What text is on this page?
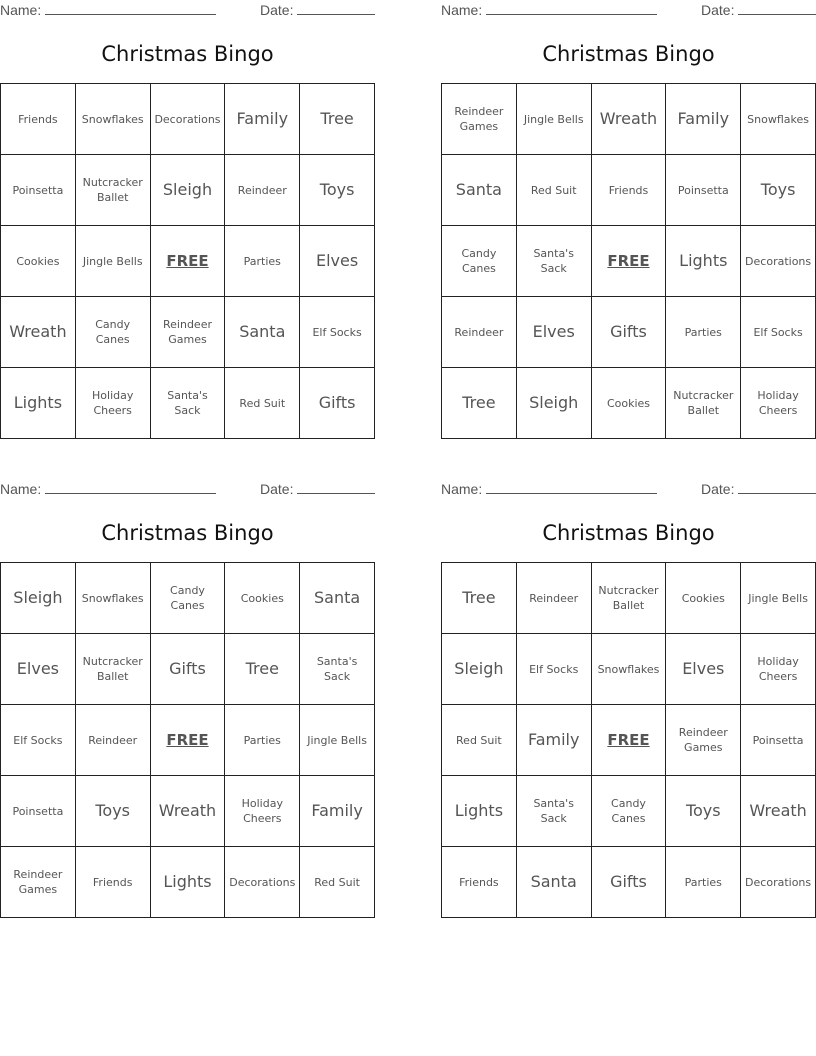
Name:	Date:
Christmas Bingo
Friends	Snowflakes	Decorations	Family	Tree
Poinsetta	Nutcracker Ballet	Sleigh	Reindeer	Toys
Cookies	Jingle Bells	FREE	Parties	Elves
Wreath	Candy Canes	Reindeer Games	Santa	Elf Socks
Lights	Holiday Cheers	Santa's Sack	Red Suit	Gifts
Name:	Date:
Christmas Bingo
Reindeer Games	Jingle Bells	Wreath	Family	Snowflakes
Santa	Red Suit	Friends	Poinsetta	Toys
Candy Canes	Santa's Sack	FREE	Lights	Decorations
Reindeer	Elves	Gifts	Parties	Elf Socks
Tree	Sleigh	Cookies	Nutcracker Ballet	Holiday Cheers
Name:	Date:
Christmas Bingo
Sleigh	Snowflakes	Candy Canes	Cookies	Santa
Elves	Nutcracker Ballet	Gifts	Tree	Santa's Sack
Elf Socks	Reindeer	FREE	Parties	Jingle Bells
Poinsetta	Toys	Wreath	Holiday Cheers	Family
Reindeer Games	Friends	Lights	Decorations	Red Suit
Name:	Date:
Christmas Bingo
Tree	Reindeer	Nutcracker Ballet	Cookies	Jingle Bells
Sleigh	Elf Socks	Snowflakes	Elves	Holiday Cheers
Red Suit	Family	FREE	Reindeer Games	Poinsetta
Lights	Santa's Sack	Candy Canes	Toys	Wreath
Friends	Santa	Gifts	Parties	Decorations
